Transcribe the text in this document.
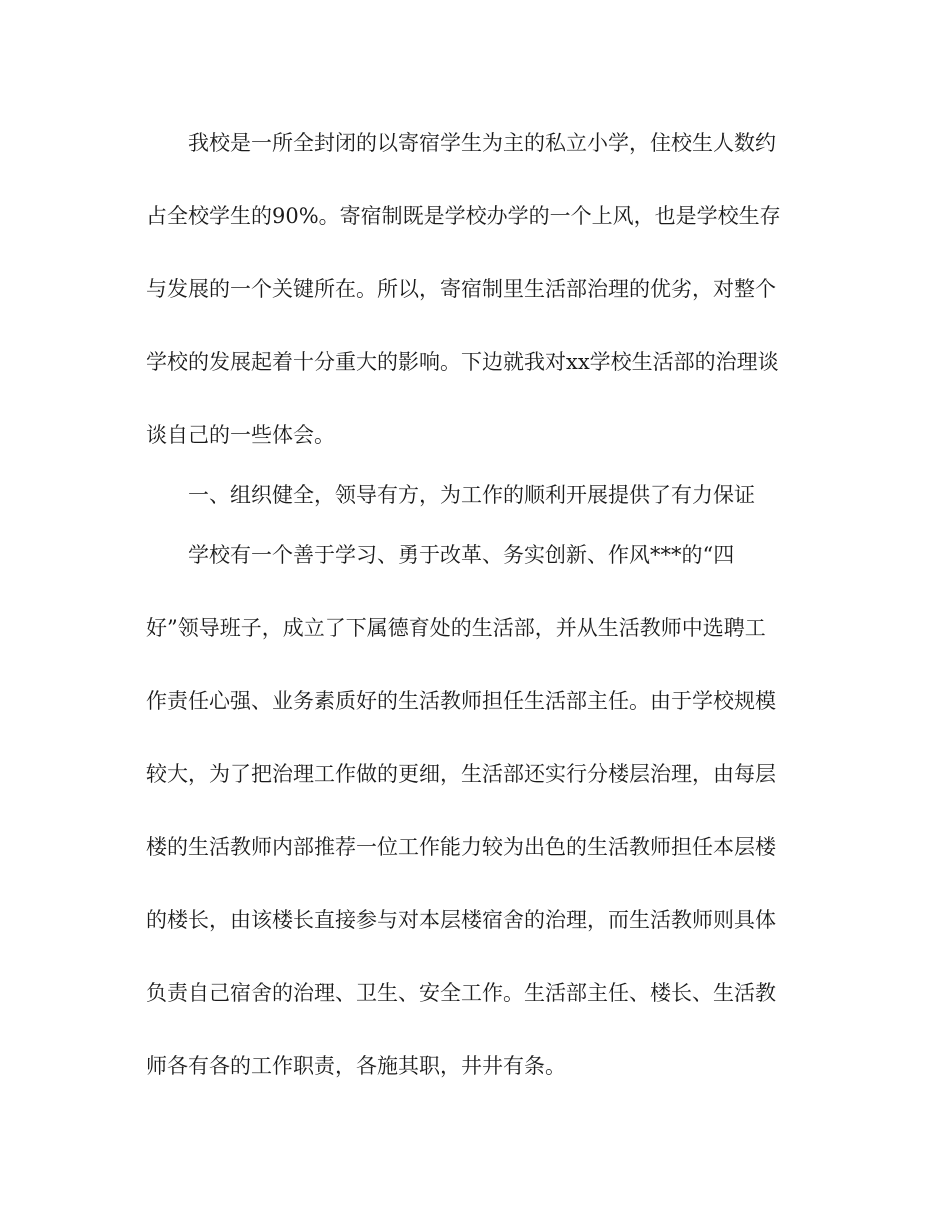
我校是一所全封闭的以寄宿学生为主的私立小学，住校生人数约

占全校学生的90%。寄宿制既是学校办学的一个上风，也是学校生存

与发展的一个关键所在。所以，寄宿制里生活部治理的优劣，对整个

学校的发展起着十分重大的影响。下边就我对xx学校生活部的治理谈

谈自己的一些体会。

一、组织健全，领导有方，为工作的顺利开展提供了有力保证

学校有一个善于学习、勇于改革、务实创新、作风***的“四

好”领导班子，成立了下属德育处的生活部，并从生活教师中选聘工

作责任心强、业务素质好的生活教师担任生活部主任。由于学校规模

较大，为了把治理工作做的更细，生活部还实行分楼层治理，由每层

楼的生活教师内部推荐一位工作能力较为出色的生活教师担任本层楼

的楼长，由该楼长直接参与对本层楼宿舍的治理，而生活教师则具体

负责自己宿舍的治理、卫生、安全工作。生活部主任、楼长、生活教

师各有各的工作职责，各施其职，井井有条。
